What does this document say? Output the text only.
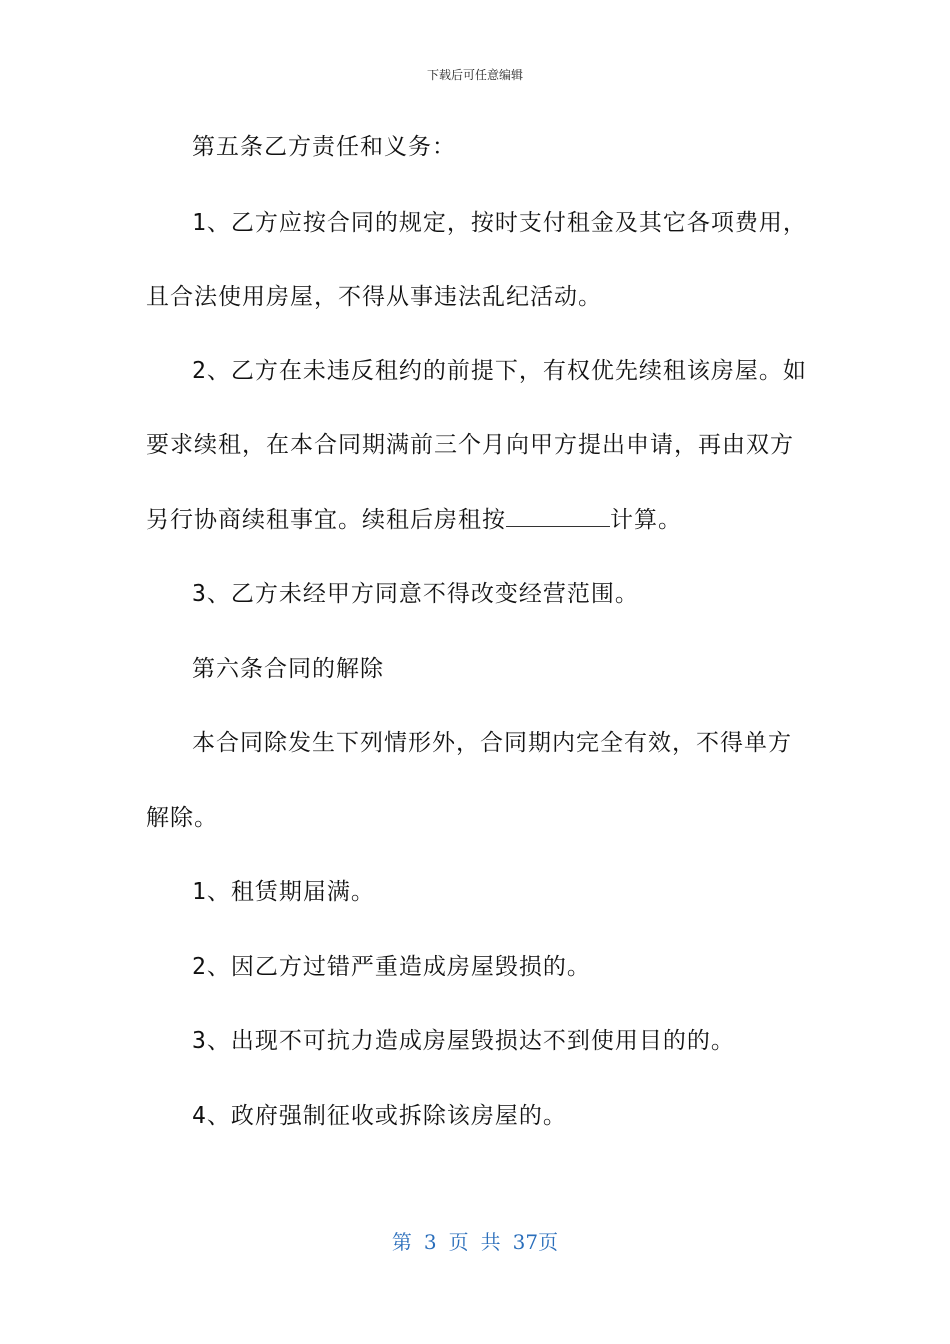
下载后可任意编辑
第五条乙方责任和义务：
1、乙方应按合同的规定，按时支付租金及其它各项费用，
且合法使用房屋，不得从事违法乱纪活动。
2、乙方在未违反租约的前提下，有权优先续租该房屋。如
要求续租，在本合同期满前三个月向甲方提出申请，再由双方
另行协商续租事宜。续租后房租按	计算。
3、乙方未经甲方同意不得改变经营范围。
第六条合同的解除
本合同除发生下列情形外，合同期内完全有效，不得单方
解除。
1、租赁期届满。
2、因乙方过错严重造成房屋毁损的。
3、出现不可抗力造成房屋毁损达不到使用目的的。
4、政府强制征收或拆除该房屋的。
第 3 页 共 37页
